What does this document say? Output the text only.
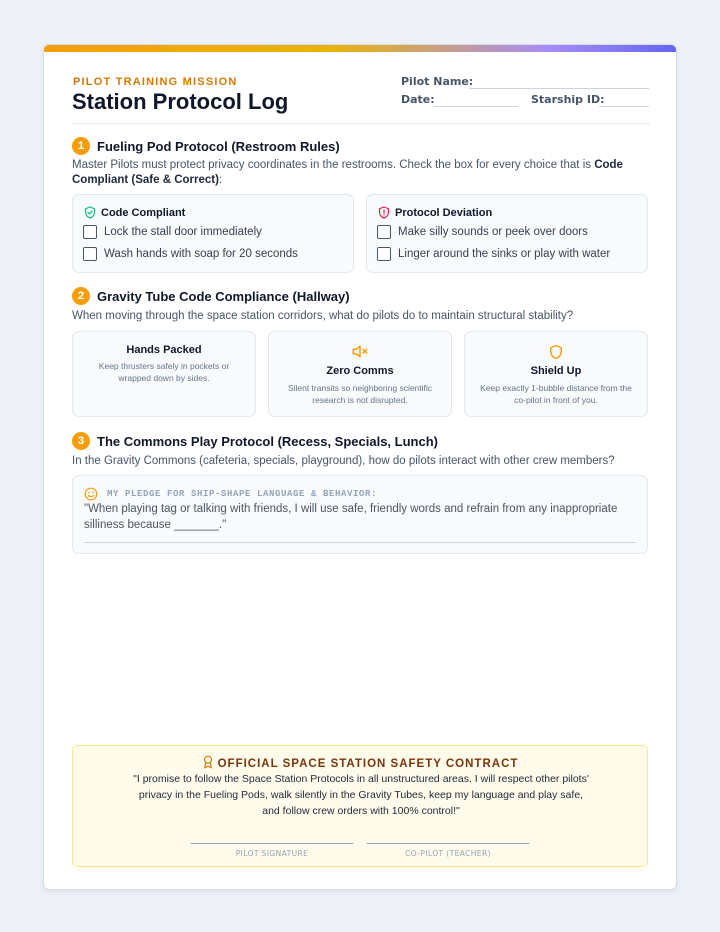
PILOT TRAINING MISSION
Station Protocol Log
Pilot Name:
Date:	Starship ID:
1 Fueling Pod Protocol (Restroom Rules)
Master Pilots must protect privacy coordinates in the restrooms. Check the box for every choice that is Code Compliant (Safe & Correct):
Code Compliant
Lock the stall door immediately
Wash hands with soap for 20 seconds
Protocol Deviation
Make silly sounds or peek over doors
Linger around the sinks or play with water
2 Gravity Tube Code Compliance (Hallway)
When moving through the space station corridors, what do pilots do to maintain structural stability?
Hands Packed
Keep thrusters safely in pockets or wrapped down by sides.
Zero Comms
Silent transits so neighboring scientific research is not disrupted.
Shield Up
Keep exactly 1-bubble distance from the co-pilot in front of you.
3 The Commons Play Protocol (Recess, Specials, Lunch)
In the Gravity Commons (cafeteria, specials, playground), how do pilots interact with other crew members?
MY PLEDGE FOR SHIP-SHAPE LANGUAGE & BEHAVIOR:
"When playing tag or talking with friends, I will use safe, friendly words and refrain from any inappropriate silliness because _______."
OFFICIAL SPACE STATION SAFETY CONTRACT
"I promise to follow the Space Station Protocols in all unstructured areas. I will respect other pilots' privacy in the Fueling Pods, walk silently in the Gravity Tubes, keep my language and play safe, and follow crew orders with 100% control!"
PILOT SIGNATURE	CO-PILOT (TEACHER)
